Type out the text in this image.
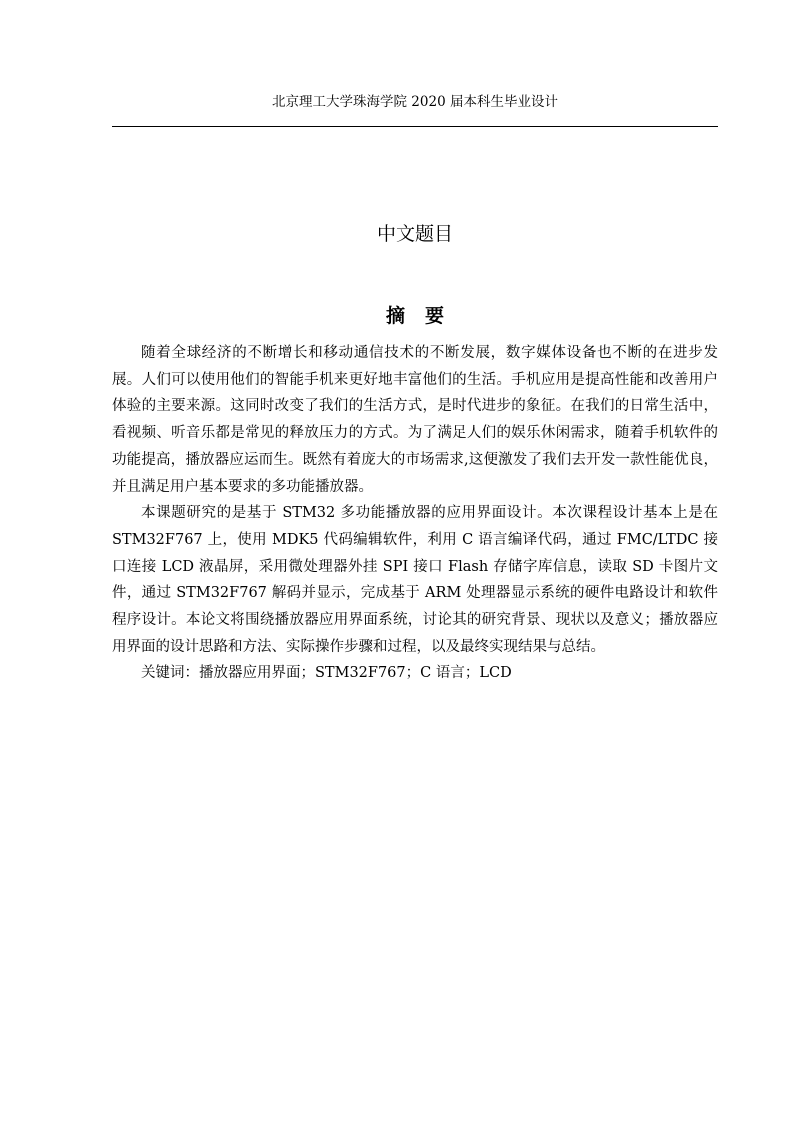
北京理工大学珠海学院 2020 届本科生毕业设计
中文题目
摘 要

随着全球经济的不断增长和移动通信技术的不断发展，数字媒体设备也不断的在进步发展。人们可以使用他们的智能手机来更好地丰富他们的生活。手机应用是提高性能和改善用户体验的主要来源。这同时改变了我们的生活方式，是时代进步的象征。在我们的日常生活中，看视频、听音乐都是常见的释放压力的方式。为了满足人们的娱乐休闲需求，随着手机软件的功能提高，播放器应运而生。既然有着庞大的市场需求,这便激发了我们去开发一款性能优良，并且满足用户基本要求的多功能播放器。

本课题研究的是基于 STM32 多功能播放器的应用界面设计。本次课程设计基本上是在 STM32F767 上，使用 MDK5 代码编辑软件，利用 C 语言编译代码，通过 FMC/LTDC 接口连接 LCD 液晶屏，采用微处理器外挂 SPI 接口 Flash 存储字库信息，读取 SD 卡图片文件，通过 STM32F767 解码并显示，完成基于 ARM 处理器显示系统的硬件电路设计和软件程序设计。本论文将围绕播放器应用界面系统，讨论其的研究背景、现状以及意义；播放器应用界面的设计思路和方法、实际操作步骤和过程，以及最终实现结果与总结。

关键词：播放器应用界面；STM32F767；C 语言；LCD
